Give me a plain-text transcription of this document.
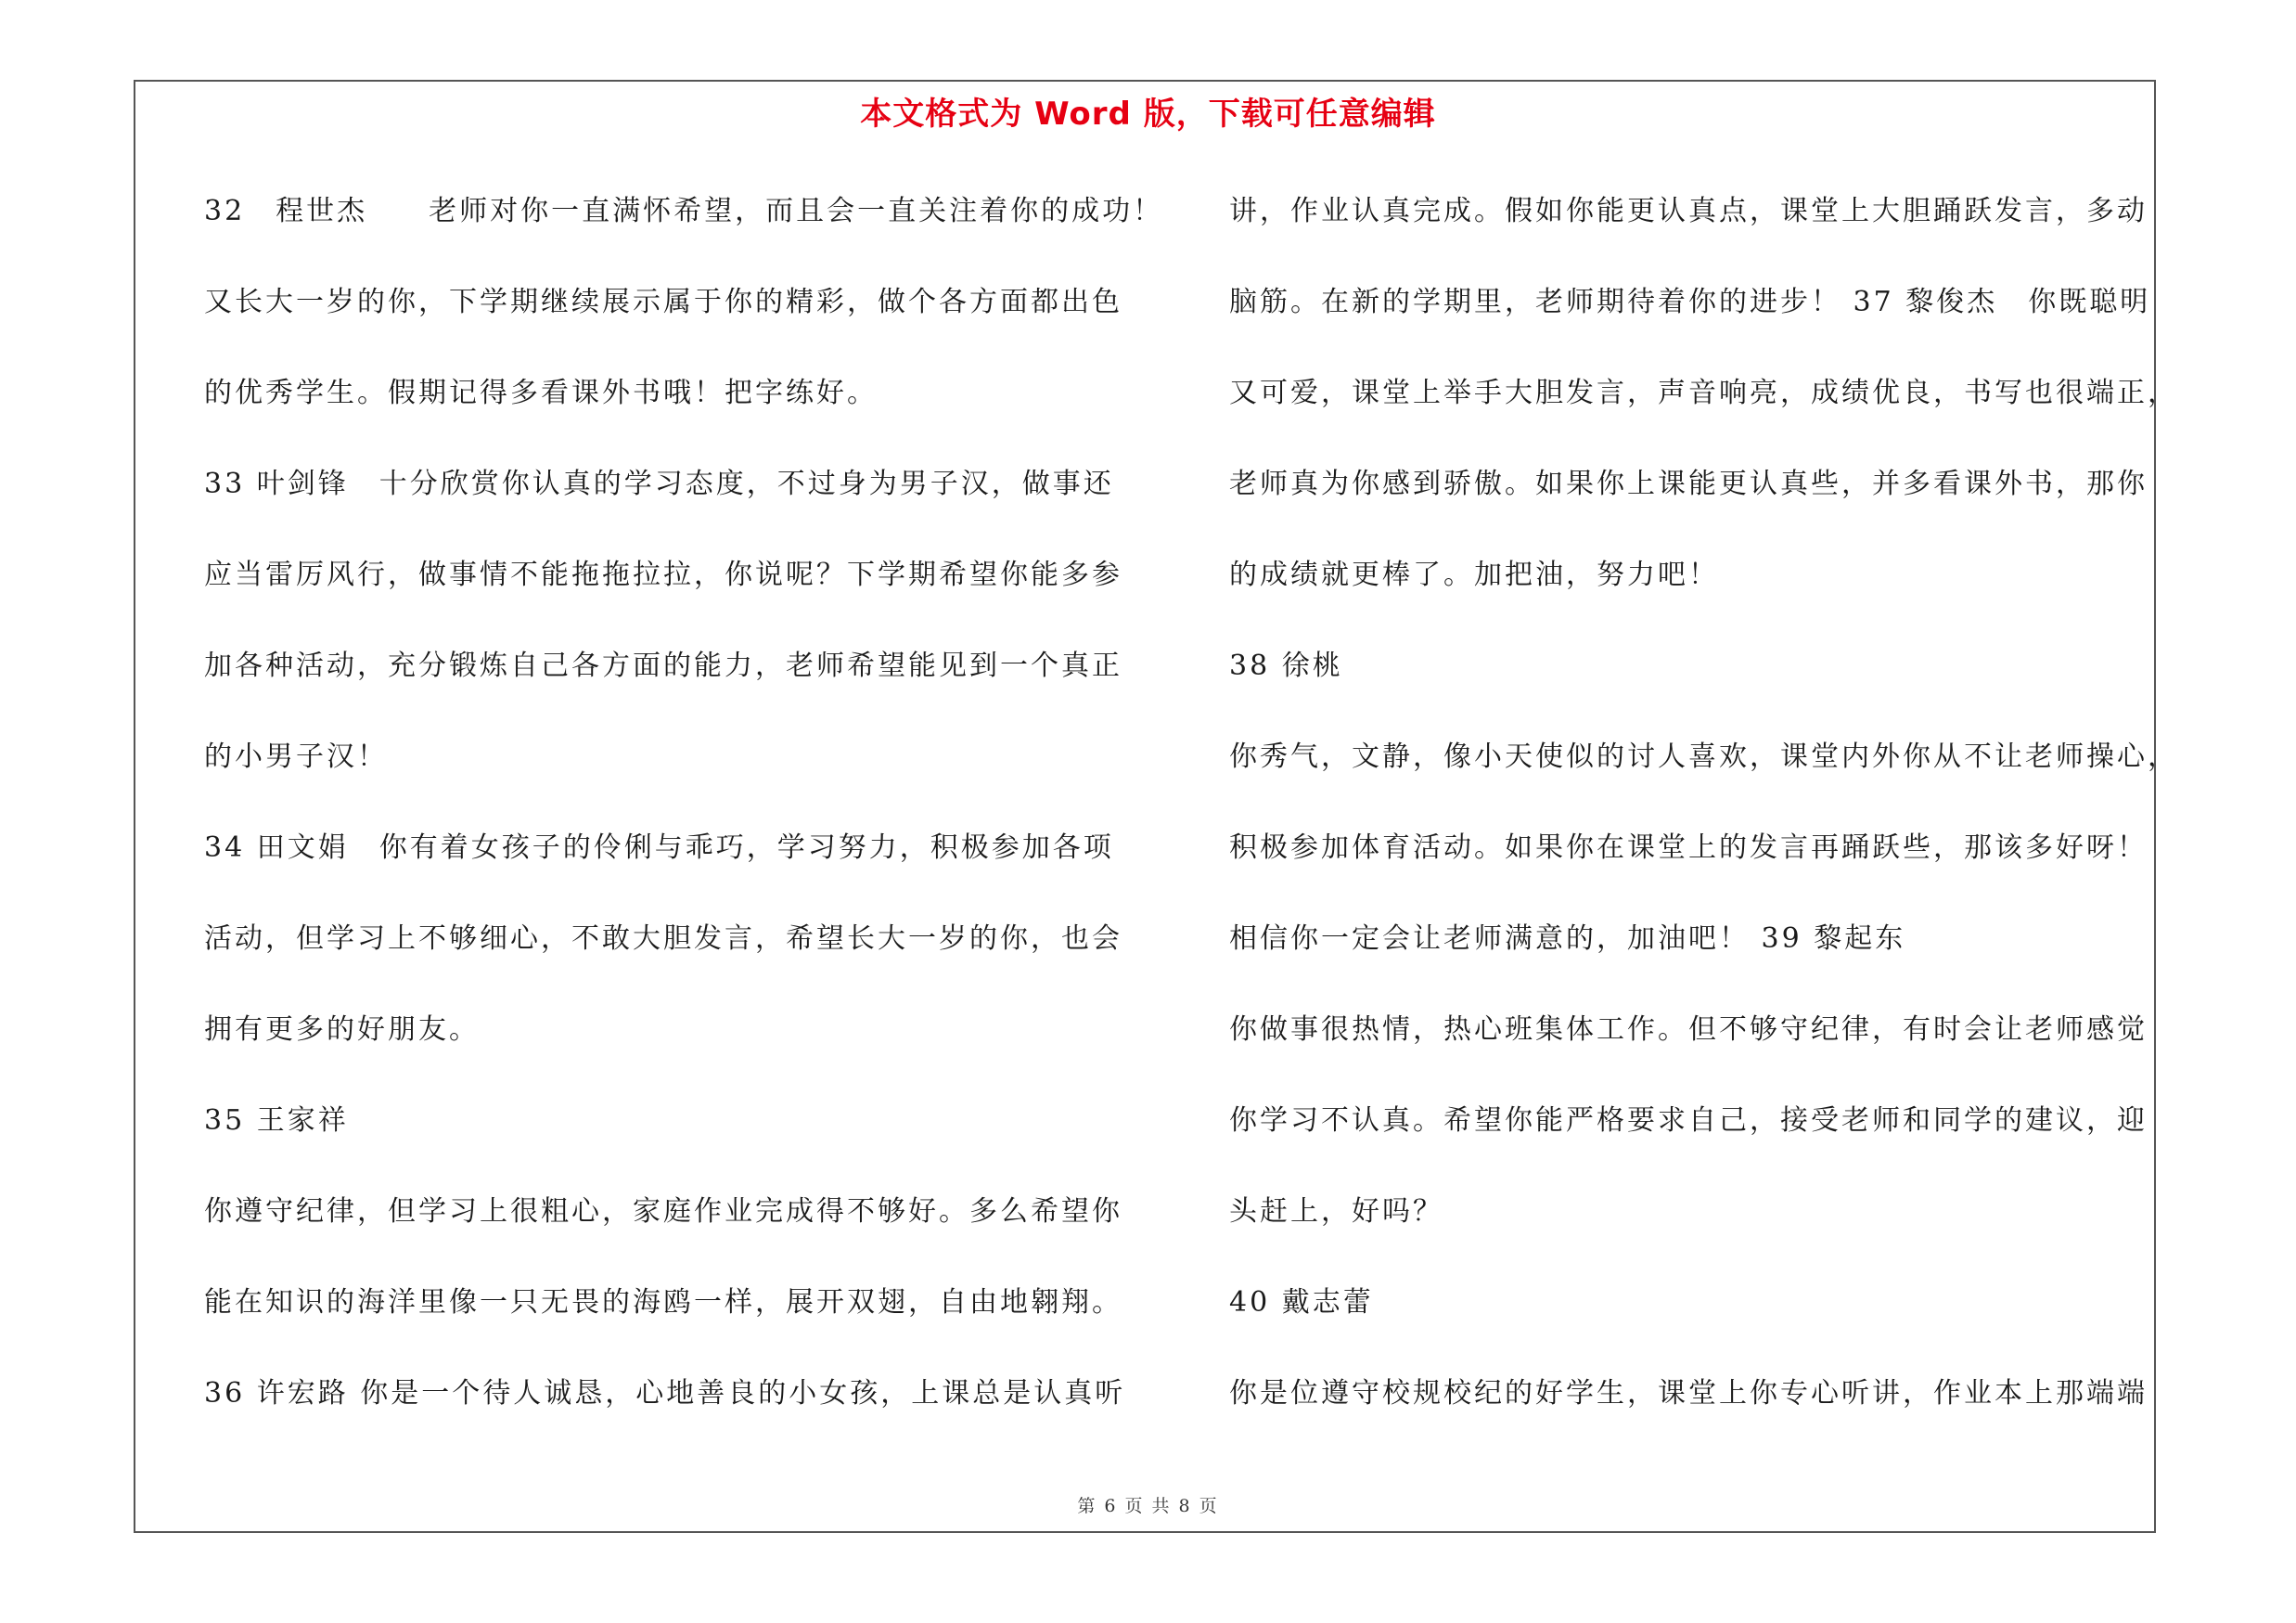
本文格式为 Word 版，下载可任意编辑
32　程世杰　　老师对你一直满怀希望，而且会一直关注着你的成功！
又长大一岁的你，下学期继续展示属于你的精彩，做个各方面都出色
的优秀学生。假期记得多看课外书哦！把字练好。
33 叶剑锋　十分欣赏你认真的学习态度，不过身为男子汉，做事还
应当雷厉风行，做事情不能拖拖拉拉，你说呢？下学期希望你能多参
加各种活动，充分锻炼自己各方面的能力，老师希望能见到一个真正
的小男子汉！
34 田文娟　你有着女孩子的伶俐与乖巧，学习努力，积极参加各项
活动，但学习上不够细心，不敢大胆发言，希望长大一岁的你，也会
拥有更多的好朋友。
35 王家祥
你遵守纪律，但学习上很粗心，家庭作业完成得不够好。多么希望你
能在知识的海洋里像一只无畏的海鸥一样，展开双翅，自由地翱翔。
36 许宏路 你是一个待人诚恳，心地善良的小女孩，上课总是认真听
讲，作业认真完成。假如你能更认真点，课堂上大胆踊跃发言，多动
脑筋。在新的学期里，老师期待着你的进步！ 37 黎俊杰　你既聪明
又可爱，课堂上举手大胆发言，声音响亮，成绩优良，书写也很端正，
老师真为你感到骄傲。如果你上课能更认真些，并多看课外书，那你
的成绩就更棒了。加把油，努力吧！
38 徐桃
你秀气，文静，像小天使似的讨人喜欢，课堂内外你从不让老师操心，
积极参加体育活动。如果你在课堂上的发言再踊跃些，那该多好呀！
相信你一定会让老师满意的，加油吧！ 39 黎起东
你做事很热情，热心班集体工作。但不够守纪律，有时会让老师感觉
你学习不认真。希望你能严格要求自己，接受老师和同学的建议，迎
头赶上，好吗？
40 戴志蕾
你是位遵守校规校纪的好学生，课堂上你专心听讲，作业本上那端端
第 6 页 共 8 页
